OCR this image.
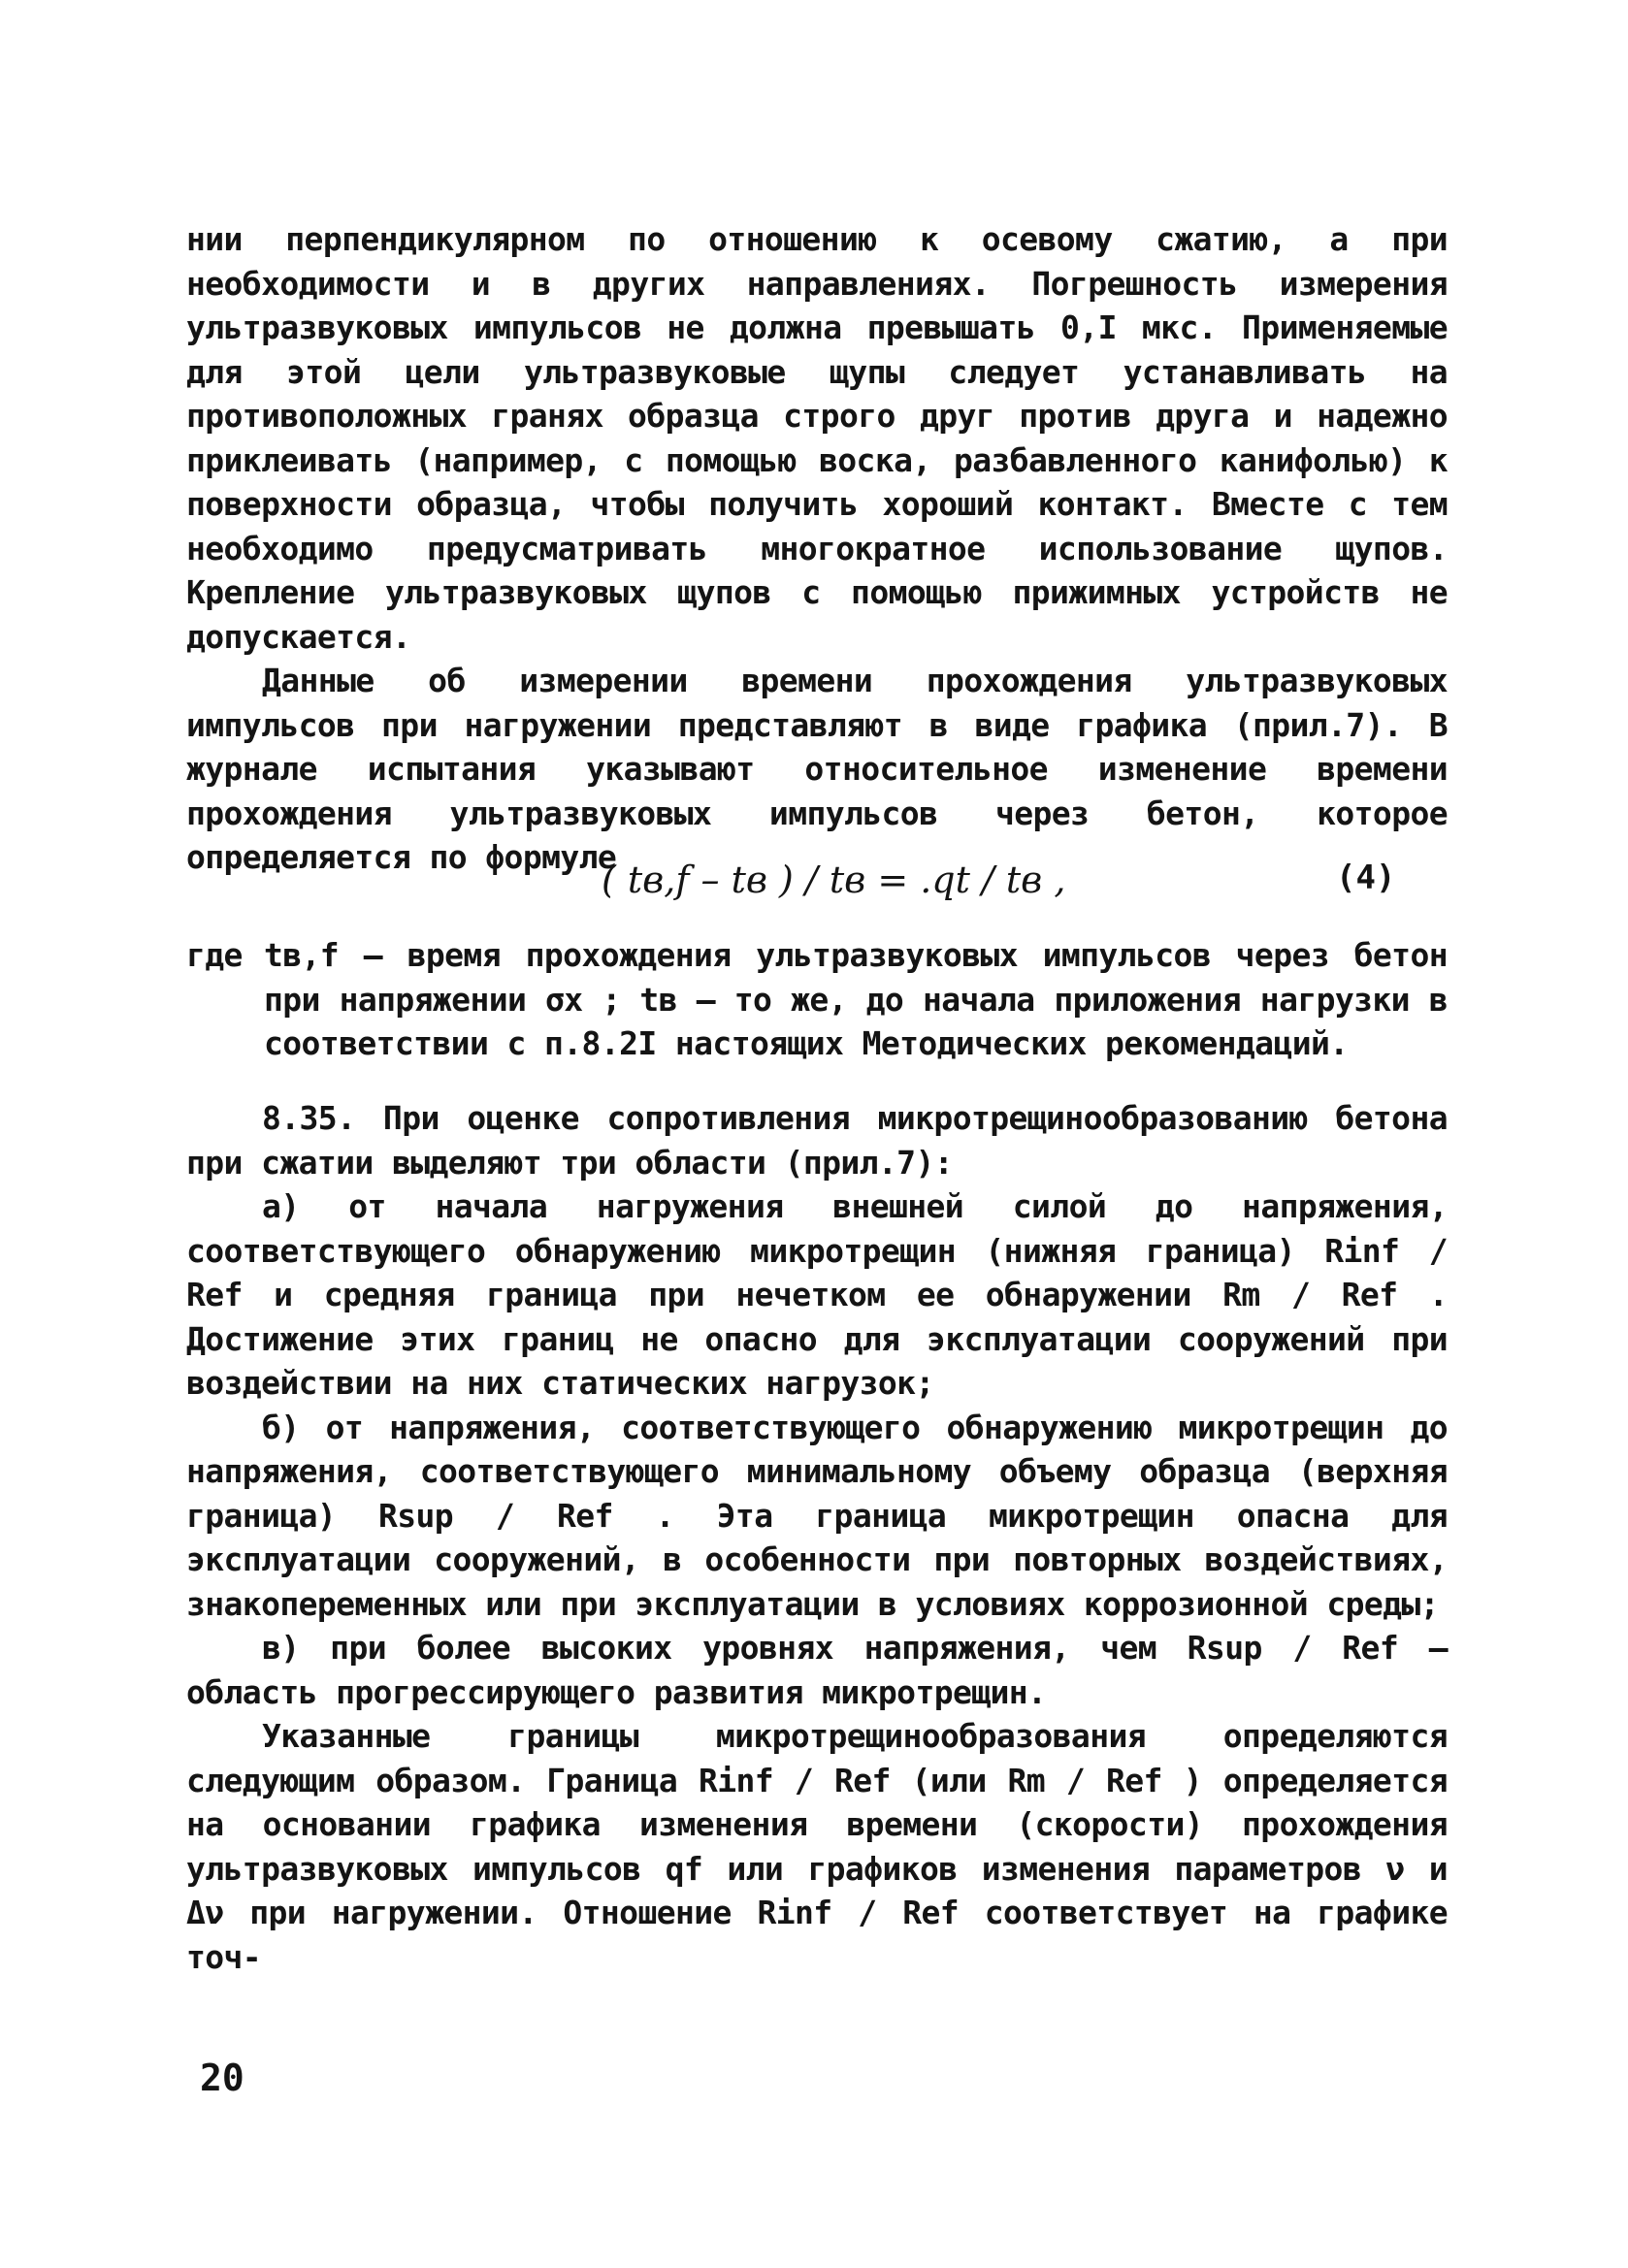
нии перпендикулярном по отношению к осевому сжатию, а при необходимости и в других направлениях. Погрешность измерения ультразвуковых импульсов не должна превышать 0,I мкс. Применяемые для этой цели ультразвуковые щупы следует устанавливать на противоположных гранях образца строго друг против друга и надежно приклеивать (например, с помощью воска, разбавленного канифолью) к поверхности образца, чтобы получить хороший контакт. Вместе с тем необходимо предусматривать многократное использование щупов. Крепление ультразвуковых щупов с помощью прижимных устройств не допускается.

Данные об измерении времени прохождения ультразвуковых импульсов при нагружении представляют в виде графика (прил.7). В журнале испытания указывают относительное изменение времени прохождения ультразвуковых импульсов через бетон, которое определяется по формуле

( tв,f – tв ) / tв = .qt / tв ,	(4)
где tв,f – время прохождения ультразвуковых импульсов через бетон при напряжении σx ; tв – то же, до начала приложения нагрузки в соответствии с п.8.2I настоящих Методических рекомендаций.

8.35. При оценке сопротивления микротрещинообразованию бетона при сжатии выделяют три области (прил.7):

а) от начала нагружения внешней силой до напряжения, соответствующего обнаружению микротрещин (нижняя граница) Rinf / Ref и средняя граница при нечетком ее обнаружении Rm / Ref . Достижение этих границ не опасно для эксплуатации сооружений при воздействии на них статических нагрузок;

б) от напряжения, соответствующего обнаружению микротрещин до напряжения, соответствующего минимальному объему образца (верхняя граница) Rsup / Ref . Эта граница микротрещин опасна для эксплуатации сооружений, в особенности при повторных воздействиях, знакопеременных или при эксплуатации в условиях коррозионной среды;

в) при более высоких уровнях напряжения, чем Rsup / Ref – область прогрессирующего развития микротрещин.

Указанные границы микротрещинообразования определяются следующим образом. Граница Rinf / Ref (или Rm / Ref ) определяется на основании графика изменения времени (скорости) прохождения ультразвуковых импульсов qf или графиков изменения параметров ν и Δν при нагружении. Отношение Rinf / Ref соответствует на графике точ-

20
